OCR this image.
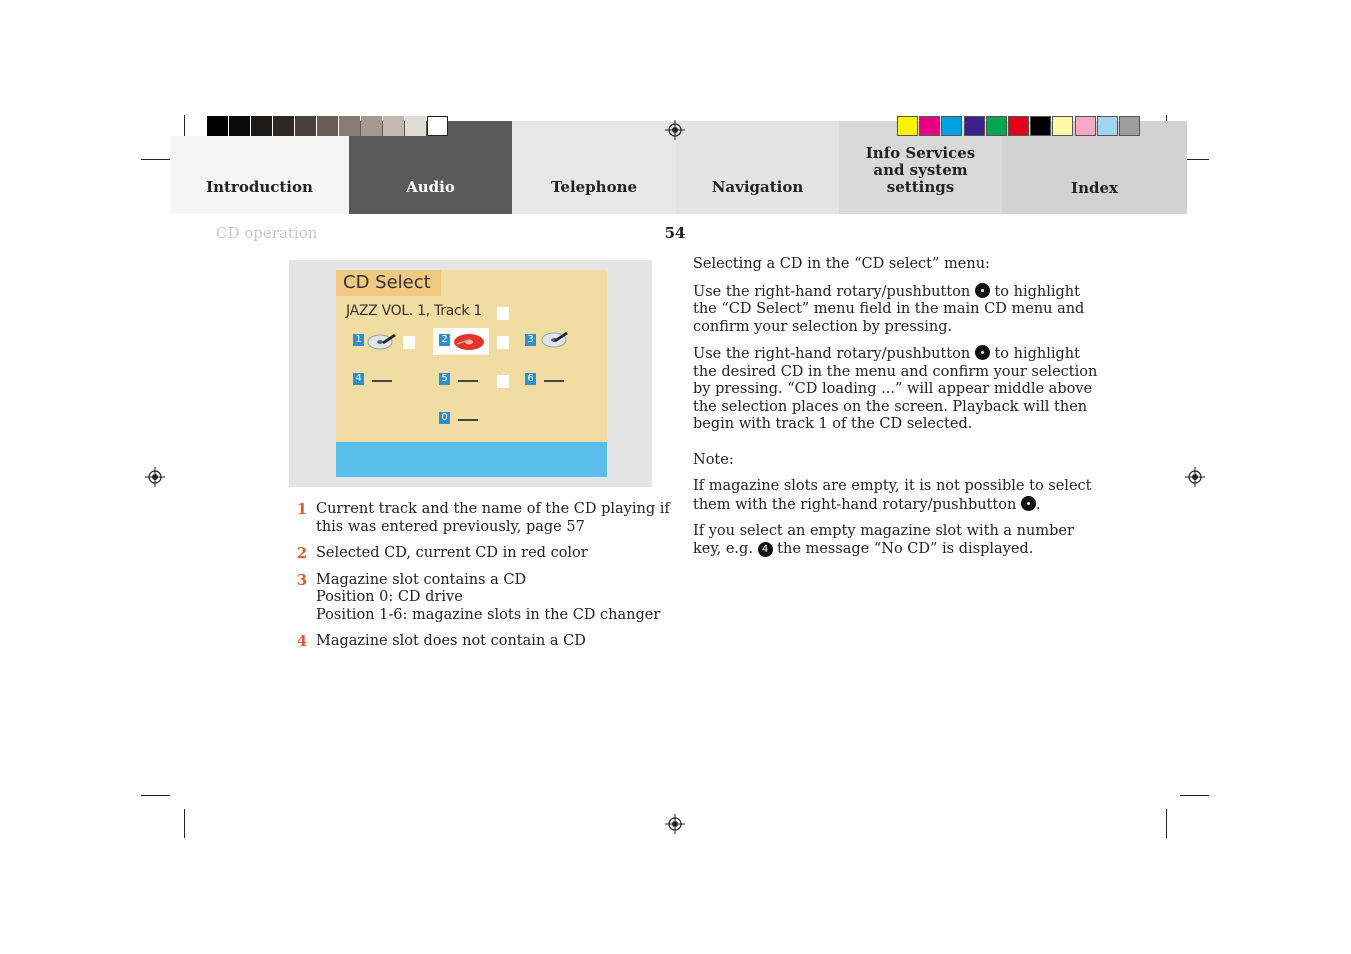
Introduction	Audio	Telephone	Navigation
Info Services and system settings	Index
CD operation	54
CD Select
JAZZ VOL. 1, Track 1
1	2	3
4	5	6
0
1 Current track and the name of the CD playing if
this was entered previously, page 57
2 Selected CD, current CD in red color
3 Magazine slot contains a CD
Position 0: CD drive
Position 1-6: magazine slots in the CD changer
4 Magazine slot does not contain a CD

Selecting a CD in the “CD select” menu:

Use the right-hand rotary/pushbutton  to highlight
the “CD Select” menu field in the main CD menu and
confirm your selection by pressing.

Use the right-hand rotary/pushbutton  to highlight
the desired CD in the menu and confirm your selection
by pressing. “CD loading ...” will appear middle above
the selection places on the screen. Playback will then
begin with track 1 of the CD selected.

Note:

If magazine slots are empty, it is not possible to select
them with the right-hand rotary/pushbutton .

If you select an empty magazine slot with a number
key, e.g. 4 the message “No CD” is displayed.
